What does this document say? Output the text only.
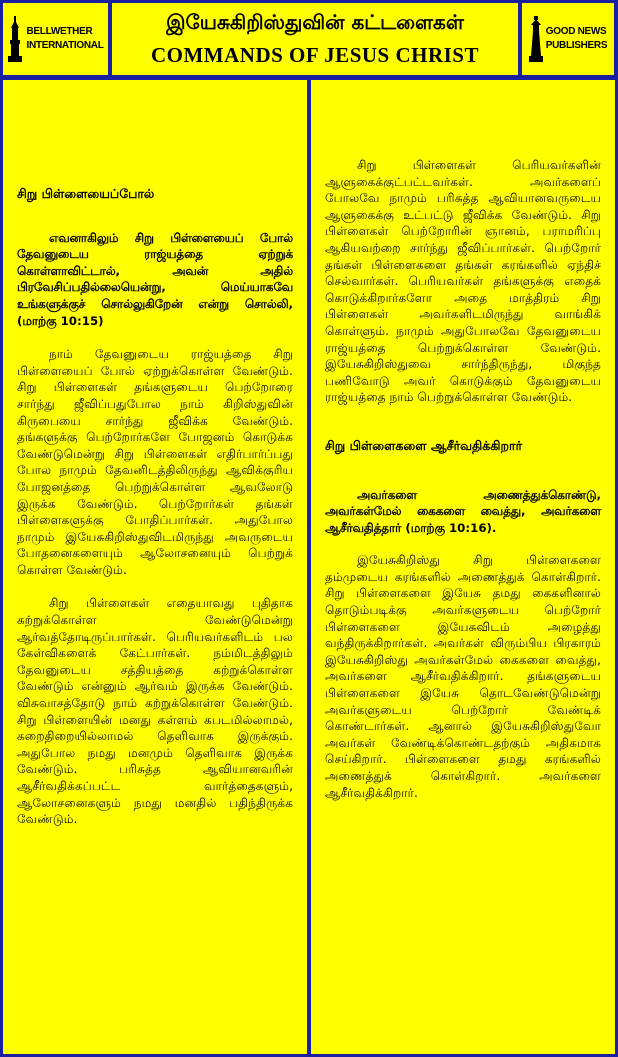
BELLWETHER
INTERNATIONAL
இயேசுகிறிஸ்துவின் கட்டளைகள்
COMMANDS OF JESUS CHRIST
GOOD NEWS
PUBLISHERS
சிறு பிள்ளையைப்போல்

எவனாகிலும் சிறு பிள்ளையைப் போல் தேவனுடைய ராஜ்யத்தை ஏற்றுக் கொள்ளாவிட்டால், அவன் அதில் பிரவேசிப்பதில்லையென்று, மெய்யாகவே உங்களுக்குச் சொல்லுகிறேன் என்று சொல்லி, (மாற்கு 10:15)

நாம் தேவனுடைய ராஜ்யத்தை சிறு பிள்ளையைப் போல் ஏற்றுக்கொள்ள வேண்டும். சிறு பிள்ளைகள் தங்களுடைய பெற்றோரை சார்ந்து ஜீவிப்பதுபோல நாம் கிறிஸ்துவின் கிருபையை சார்ந்து ஜீவிக்க வேண்டும். தங்களுக்கு பெற்றோர்களே போஜனம் கொடுக்க வேண்டுமென்று சிறு பிள்ளைகள் எதிர்பார்ப்பது போல நாமும் தேவனிடத்திலிருந்து ஆவிக்குரிய போஜனத்தை பெற்றுக்கொள்ள ஆவலோடு இருக்க வேண்டும். பெற்றோர்கள் தங்கள் பிள்ளைகளுக்கு போதிப்பார்கள். அதுபோல நாமும் இயேசுகிறிஸ்துவிடமிருந்து அவருடைய போதனைகளையும் ஆலோசனையும் பெற்றுக் கொள்ள வேண்டும்.

சிறு பிள்ளைகள் எதையாவது புதிதாக கற்றுக்கொள்ள வேண்டுமென்று ஆர்வத்தோடிருப்பார்கள். பெரியவர்களிடம் பல கேள்விகளைக் கேட்பார்கள். நம்மிடத்திலும் தேவனுடைய சத்தியத்தை கற்றுக்கொள்ள வேண்டும் என்னும் ஆர்வம் இருக்க வேண்டும். விசுவாசத்தோடு நாம் கற்றுக்கொள்ள வேண்டும். சிறு பிள்ளையின் மனது கள்ளம் கபடமில்லாமல், கறைதிறையில்லாமல் தெளிவாக இருக்கும். அதுபோல நமது மனமும் தெளிவாக இருக்க வேண்டும். பரிசுத்த ஆவியானவரின் ஆசீர்வதிக்கப்பட்ட வார்த்தைகளும், ஆலோசனைகளும் நமது மனதில் பதிந்திருக்க வேண்டும்.

சிறு பிள்ளைகள் பெரியவர்களின் ஆளுகைக்குட்பட்டவர்கள். அவர்களைப் போலவே நாமும் பரிசுத்த ஆவியானவருடைய ஆளுகைக்கு உட்பட்டு ஜீவிக்க வேண்டும். சிறு பிள்ளைகள் பெற்றோரின் ஞானம், பராமரிப்பு ஆகியவற்றை சார்ந்து ஜீவிப்பார்கள். பெற்றோர் தங்கள் பிள்ளைகளை தங்கள் கரங்களில் ஏந்திச் செல்வார்கள். பெரியவர்கள் தங்களுக்கு எதைக் கொடுக்கிறார்களோ அதை மாத்திரம் சிறு பிள்ளைகள் அவர்களிடமிருந்து வாங்கிக் கொள்ளும். நாமும் அதுபோலவே தேவனுடைய ராஜ்யத்தை பெற்றுக்கொள்ள வேண்டும். இயேசுகிறிஸ்துவை சார்ந்திருந்து, மிகுந்த பணிவோடு அவர் கொடுக்கும் தேவனுடைய ராஜ்யத்தை நாம் பெற்றுக்கொள்ள வேண்டும்.

சிறு பிள்ளைகளை ஆசீர்வதிக்கிறார்

அவர்களை அணைத்துக்கொண்டு, அவர்கள்மேல் கைகளை வைத்து, அவர்களை ஆசீர்வதித்தார் (மாற்கு 10:16).

இயேசுகிறிஸ்து சிறு பிள்ளைகளை தம்முடைய கரங்களில் அணைத்துக் கொள்கிறார். சிறு பிள்ளைகளை இயேசு தமது கைகளினால் தொடும்படிக்கு அவர்களுடைய பெற்றோர் பிள்ளைகளை இயேசுவிடம் அழைத்து வந்திருக்கிறார்கள். அவர்கள் விரும்பிய பிரகாரம் இயேசுகிறிஸ்து அவர்கள்மேல் கைகளை வைத்து, அவர்களை ஆசீர்வதிக்கிறார். தங்களுடைய பிள்ளைகளை இயேசு தொடவேண்டுமென்று அவர்களுடைய பெற்றோர் வேண்டிக் கொண்டார்கள். ஆனால் இயேசுகிறிஸ்துவோ அவர்கள் வேண்டிக்கொண்டதற்கும் அதிகமாக செய்கிறார். பிள்ளைகளை தமது கரங்களில் அணைத்துக் கொள்கிறார். அவர்களை ஆசீர்வதிக்கிறார்.
